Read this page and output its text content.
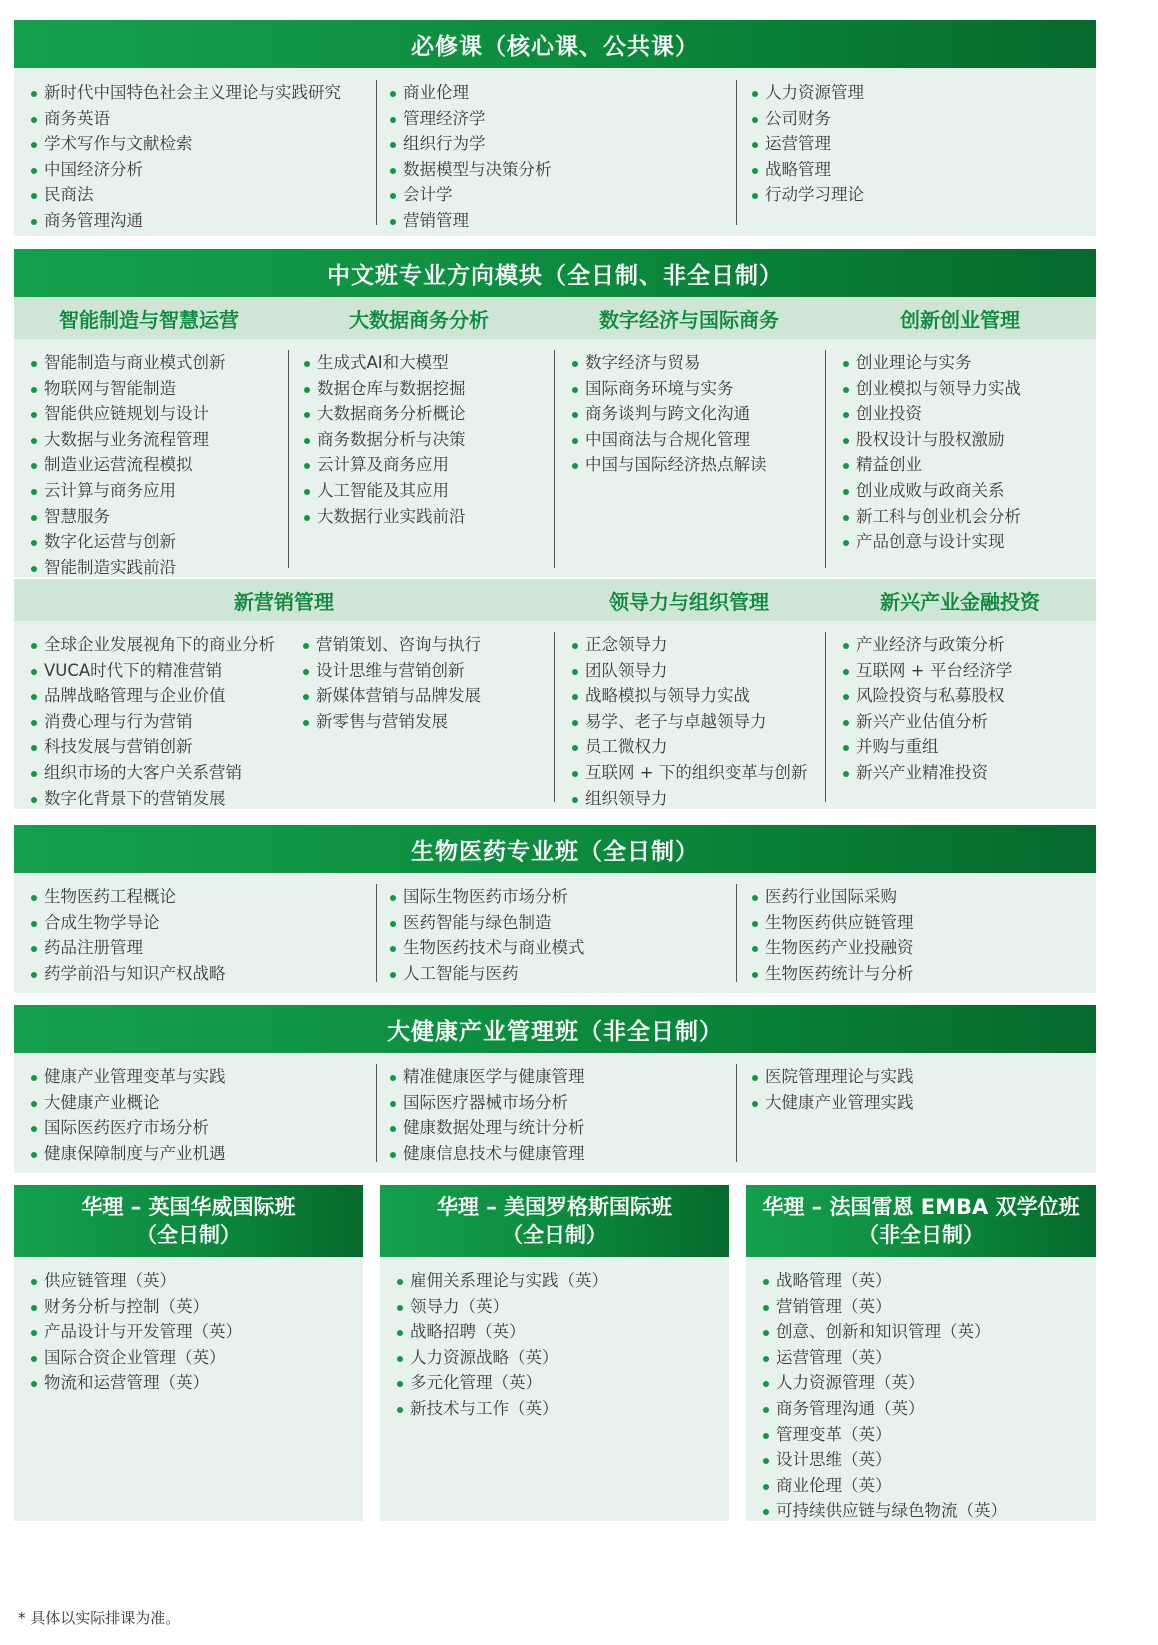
必修课（核心课、公共课）
新时代中国特色社会主义理论与实践研究
商务英语
学术写作与文献检索
中国经济分析
民商法
商务管理沟通
商业伦理
管理经济学
组织行为学
数据模型与决策分析
会计学
营销管理
人力资源管理
公司财务
运营管理
战略管理
行动学习理论
中文班专业方向模块（全日制、非全日制）
智能制造与智慧运营	大数据商务分析	数字经济与国际商务	创新创业管理
智能制造与商业模式创新
物联网与智能制造
智能供应链规划与设计
大数据与业务流程管理
制造业运营流程模拟
云计算与商务应用
智慧服务
数字化运营与创新
智能制造实践前沿
生成式AI和大模型
数据仓库与数据挖掘
大数据商务分析概论
商务数据分析与决策
云计算及商务应用
人工智能及其应用
大数据行业实践前沿
数字经济与贸易
国际商务环境与实务
商务谈判与跨文化沟通
中国商法与合规化管理
中国与国际经济热点解读
创业理论与实务
创业模拟与领导力实战
创业投资
股权设计与股权激励
精益创业
创业成败与政商关系
新工科与创业机会分析
产品创意与设计实现
新营销管理	领导力与组织管理	新兴产业金融投资
全球企业发展视角下的商业分析
VUCA时代下的精准营销
品牌战略管理与企业价值
消费心理与行为营销
科技发展与营销创新
组织市场的大客户关系营销
数字化背景下的营销发展
营销策划、咨询与执行
设计思维与营销创新
新媒体营销与品牌发展
新零售与营销发展
正念领导力
团队领导力
战略模拟与领导力实战
易学、老子与卓越领导力
员工微权力
互联网 + 下的组织变革与创新
组织领导力
产业经济与政策分析
互联网 + 平台经济学
风险投资与私募股权
新兴产业估值分析
并购与重组
新兴产业精准投资
生物医药专业班（全日制）
生物医药工程概论
合成生物学导论
药品注册管理
药学前沿与知识产权战略
国际生物医药市场分析
医药智能与绿色制造
生物医药技术与商业模式
人工智能与医药
医药行业国际采购
生物医药供应链管理
生物医药产业投融资
生物医药统计与分析
大健康产业管理班（非全日制）
健康产业管理变革与实践
大健康产业概论
国际医药医疗市场分析
健康保障制度与产业机遇
精准健康医学与健康管理
国际医疗器械市场分析
健康数据处理与统计分析
健康信息技术与健康管理
医院管理理论与实践
大健康产业管理实践
华理 – 英国华威国际班
（全日制）
供应链管理（英）
财务分析与控制（英）
产品设计与开发管理（英）
国际合资企业管理（英）
物流和运营管理（英）
华理 – 美国罗格斯国际班
（全日制）
雇佣关系理论与实践（英）
领导力（英）
战略招聘（英）
人力资源战略（英）
多元化管理（英）
新技术与工作（英）
华理 – 法国雷恩 EMBA 双学位班
（非全日制）
战略管理（英）
营销管理（英）
创意、创新和知识管理（英）
运营管理（英）
人力资源管理（英）
商务管理沟通（英）
管理变革（英）
设计思维（英）
商业伦理（英）
可持续供应链与绿色物流（英）
* 具体以实际排课为准。
